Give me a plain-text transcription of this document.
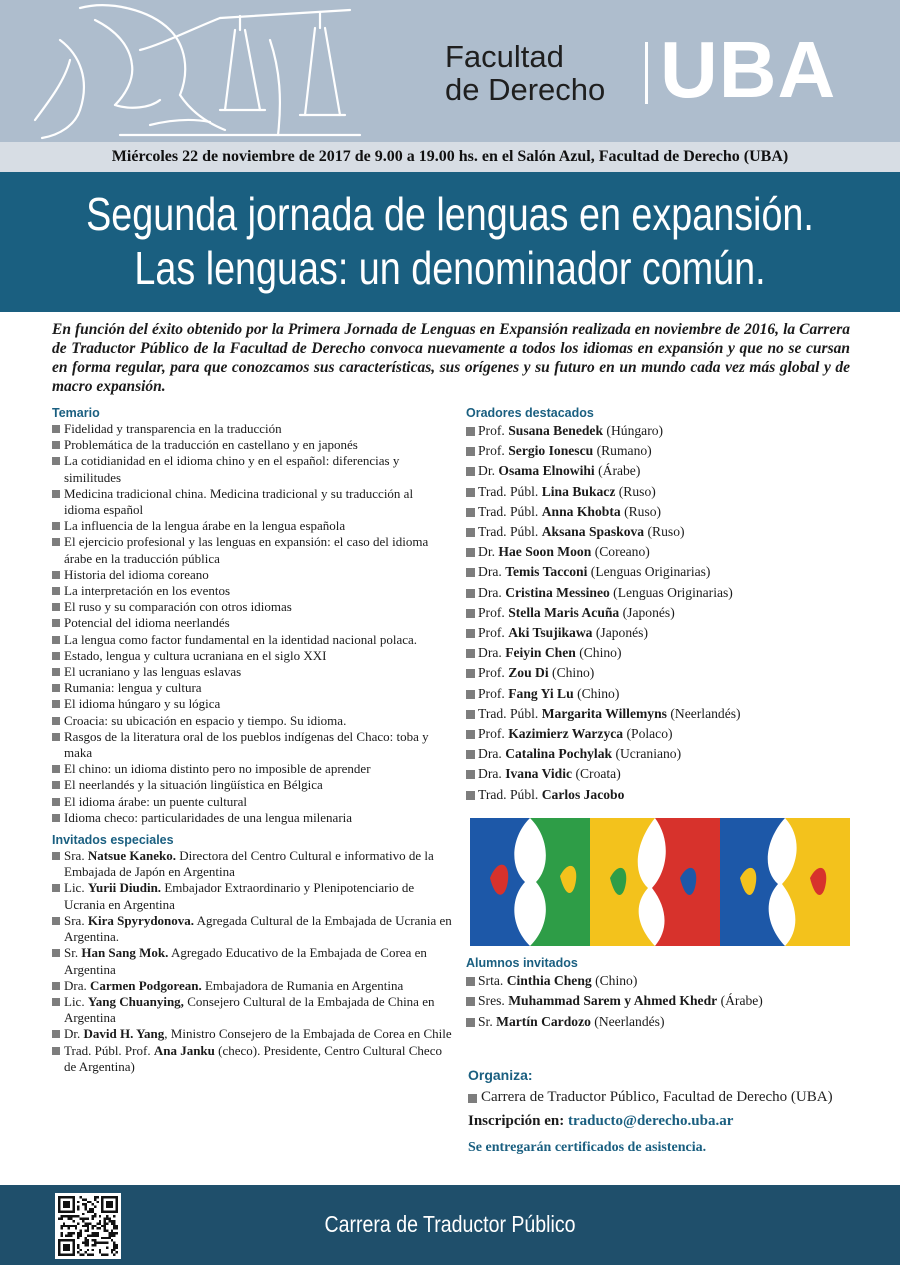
Facultad
de Derecho UBA
Miércoles 22 de noviembre de 2017 de 9.00 a 19.00 hs. en el Salón Azul, Facultad de Derecho (UBA)
Segunda jornada de lenguas en expansión.
Las lenguas: un denominador común.
En función del éxito obtenido por la Primera Jornada de Lenguas en Expansión realizada en noviembre de 2016, la Carrera de Traductor Público de la Facultad de Derecho convoca nuevamente a todos los idiomas en expansión y que no se cursan en forma regular, para que conozcamos sus características, sus orígenes y su futuro en un mundo cada vez más global y de macro expansión.
Temario
Fidelidad y transparencia en la traducción
Problemática de la traducción en castellano y en japonés
La cotidianidad en el idioma chino y en el español: diferencias y similitudes
Medicina tradicional china. Medicina tradicional y su traducción al idioma español
La influencia de la lengua árabe en la lengua española
El ejercicio profesional y las lenguas en expansión: el caso del idioma árabe en la traducción pública
Historia del idioma coreano
La interpretación en los eventos
El ruso y su comparación con otros idiomas
Potencial del idioma neerlandés
La lengua como factor fundamental en la identidad nacional polaca.
Estado, lengua y cultura ucraniana en el siglo XXI
El ucraniano y las lenguas eslavas
Rumania: lengua y cultura
El idioma húngaro y su lógica
Croacia: su ubicación en espacio y tiempo. Su idioma.
Rasgos de la literatura oral de los pueblos indígenas del Chaco: toba y maka
El chino: un idioma distinto pero no imposible de aprender
El neerlandés y la situación lingüística en Bélgica
El idioma árabe: un puente cultural
Idioma checo: particularidades de una lengua milenaria
Invitados especiales
Sra. Natsue Kaneko. Directora del Centro Cultural e informativo de la Embajada de Japón en Argentina
Lic. Yurii Diudin. Embajador Extraordinario y Plenipotenciario de Ucrania en Argentina
Sra. Kira Spyrydonova. Agregada Cultural de la Embajada de Ucrania en Argentina.
Sr. Han Sang Mok. Agregado Educativo de la Embajada de Corea en Argentina
Dra. Carmen Podgorean. Embajadora de Rumania en Argentina
Lic. Yang Chuanying, Consejero Cultural de la Embajada de China en Argentina
Dr. David H. Yang, Ministro Consejero de la Embajada de Corea en Chile
Trad. Públ. Prof. Ana Janku (checo). Presidente, Centro Cultural Checo de Argentina)
Oradores destacados
Prof. Susana Benedek (Húngaro)
Prof. Sergio Ionescu (Rumano)
Dr. Osama Elnowihi (Árabe)
Trad. Públ. Lina Bukacz (Ruso)
Trad. Públ. Anna Khobta (Ruso)
Trad. Públ. Aksana Spaskova (Ruso)
Dr. Hae Soon Moon (Coreano)
Dra. Temis Tacconi (Lenguas Originarias)
Dra. Cristina Messineo (Lenguas Originarias)
Prof. Stella Maris Acuña (Japonés)
Prof. Aki Tsujikawa (Japonés)
Dra. Feiyin Chen (Chino)
Prof. Zou Di (Chino)
Prof. Fang Yi Lu (Chino)
Trad. Públ. Margarita Willemyns (Neerlandés)
Prof. Kazimierz Warzyca (Polaco)
Dra. Catalina Pochylak (Ucraniano)
Dra. Ivana Vidic (Croata)
Trad. Públ. Carlos Jacobo
Alumnos invitados
Srta. Cinthia Cheng (Chino)
Sres. Muhammad Sarem y Ahmed Khedr (Árabe)
Sr. Martín Cardozo (Neerlandés)
Organiza:
Carrera de Traductor Público, Facultad de Derecho (UBA)
Inscripción en: traducto@derecho.uba.ar
Se entregarán certificados de asistencia.
Carrera de Traductor Público
